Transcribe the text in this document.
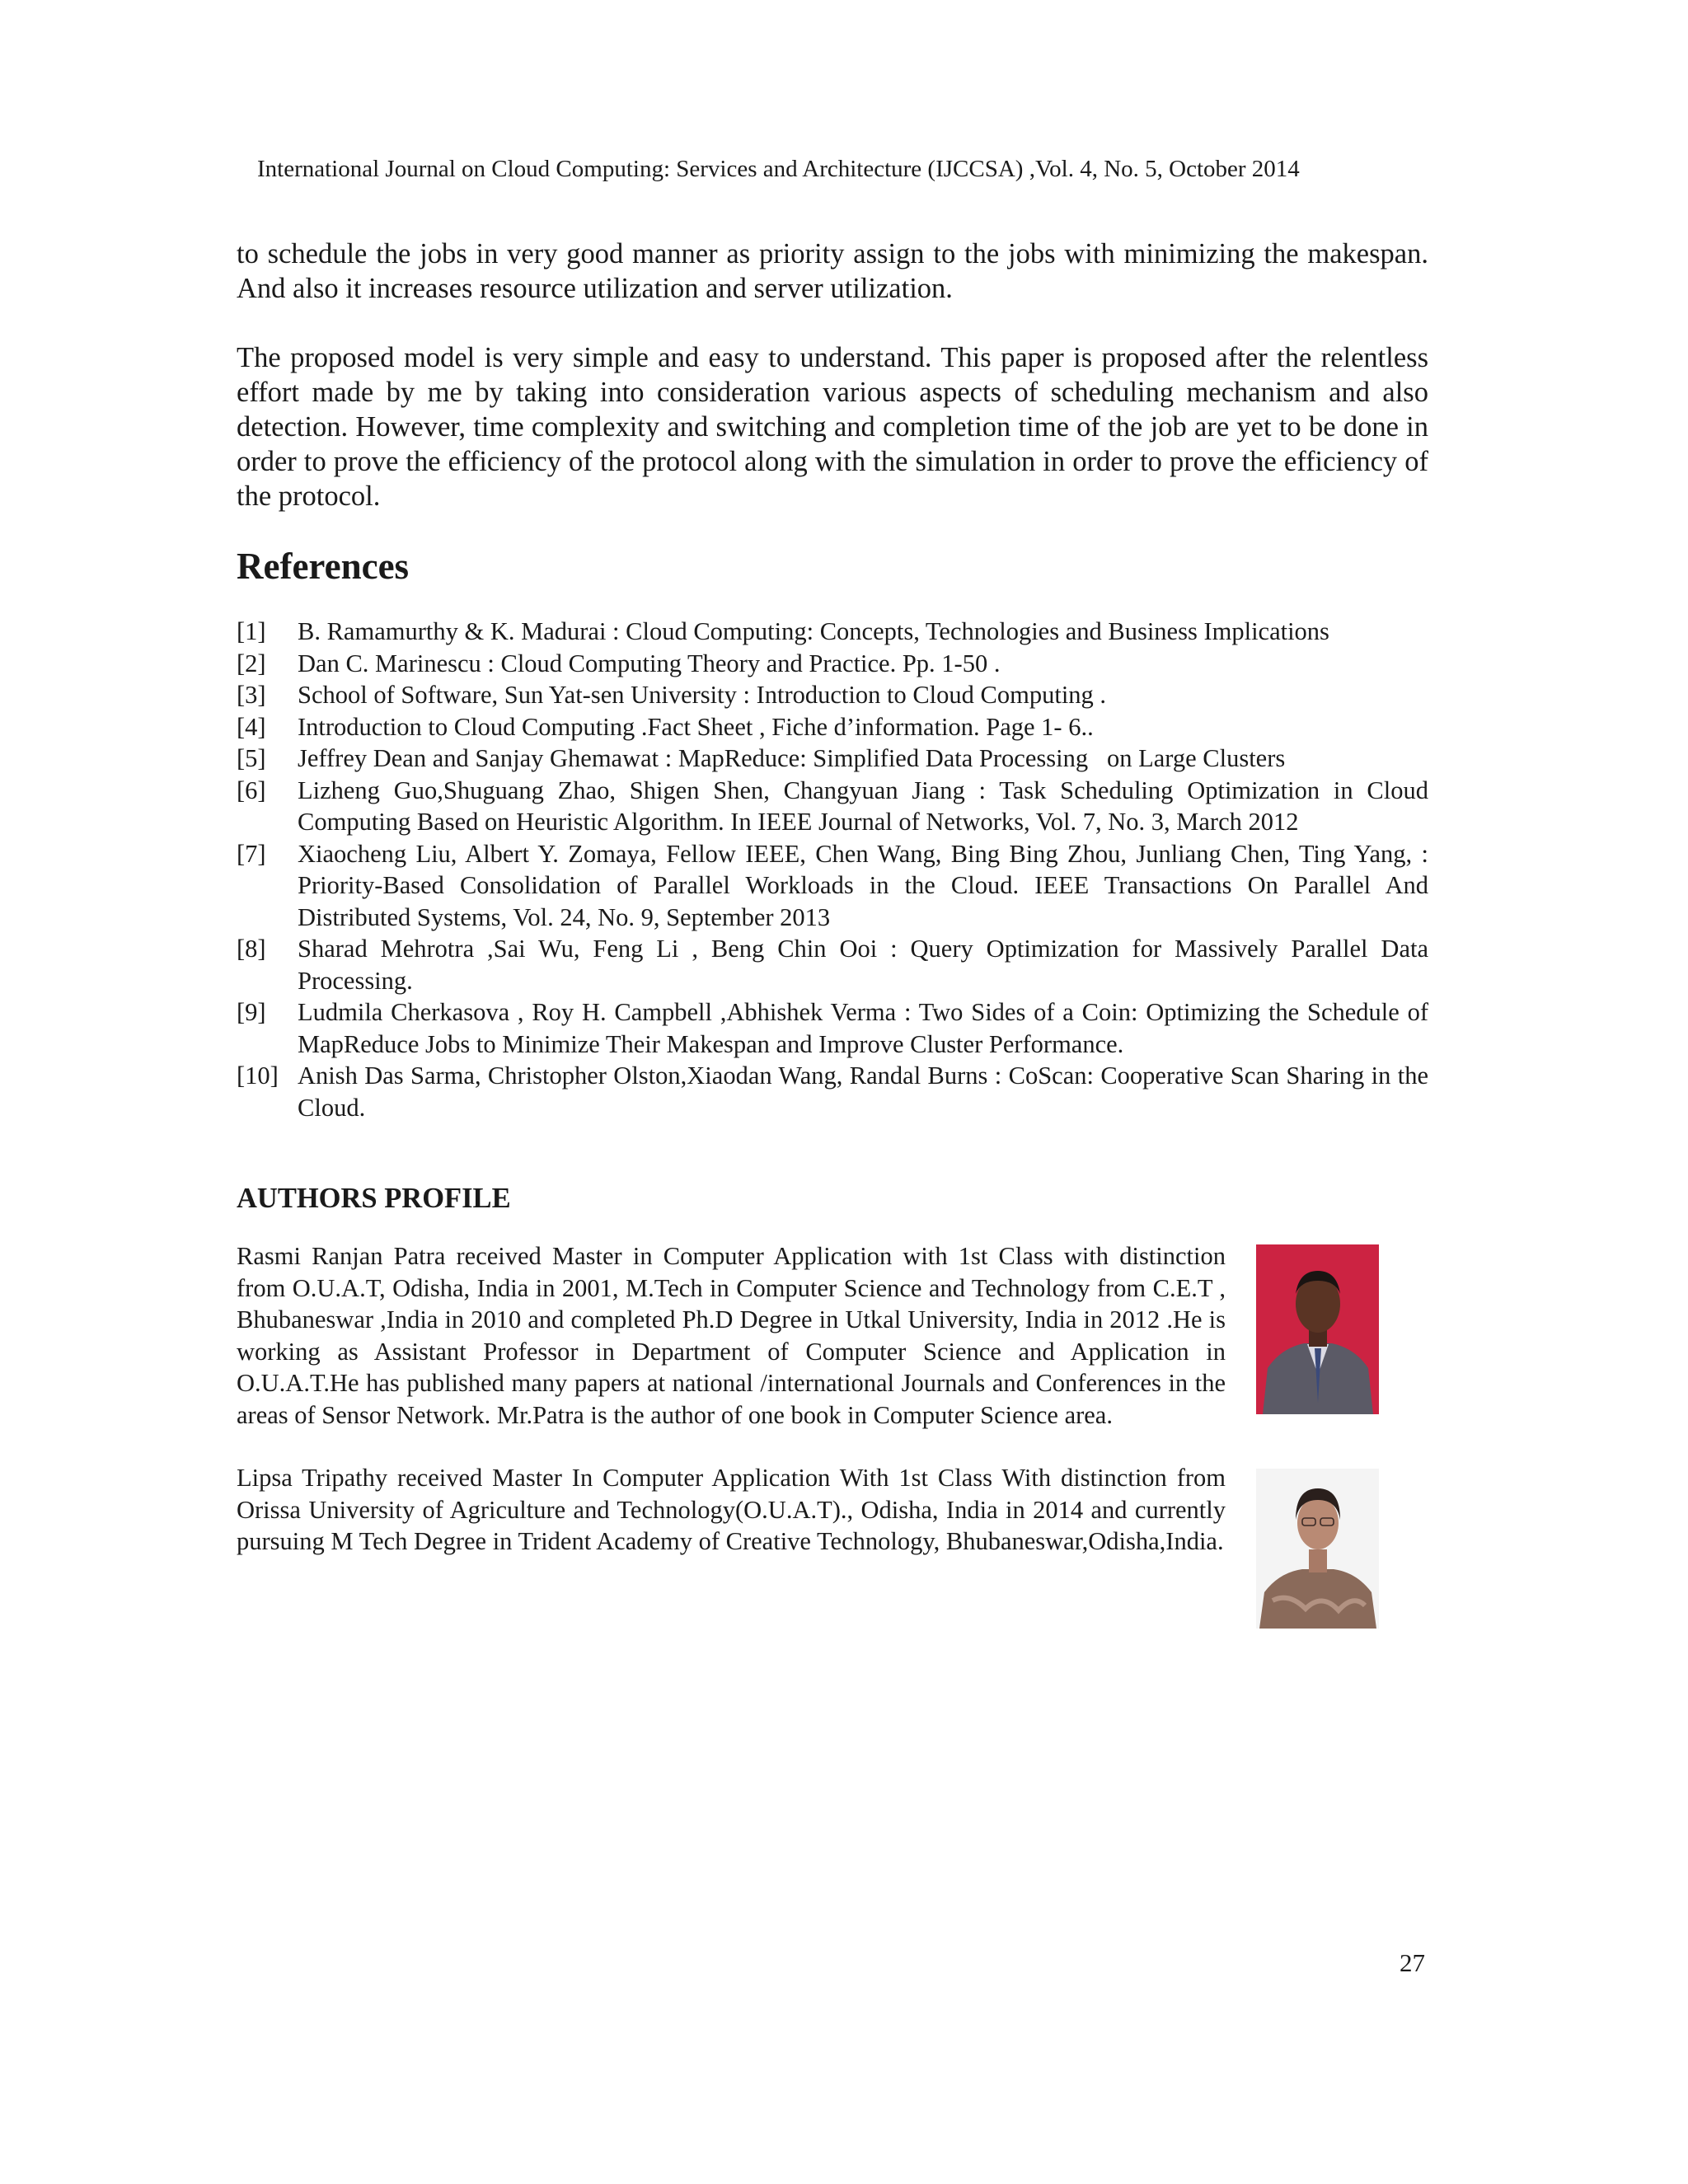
International Journal on Cloud Computing: Services and Architecture (IJCCSA) ,Vol. 4, No. 5, October 2014

to schedule the jobs in very good manner as priority assign to the jobs with minimizing the makespan. And also it increases resource utilization and server utilization.

The proposed model is very simple and easy to understand. This paper is proposed after the relentless effort made by me by taking into consideration various aspects of scheduling mechanism and also detection. However, time complexity and switching and completion time of the job are yet to be done in order to prove the efficiency of the protocol along with the simulation in order to prove the efficiency of the protocol.

References
[1] B. Ramamurthy & K. Madurai : Cloud Computing: Concepts, Technologies and Business Implications
[2] Dan C. Marinescu : Cloud Computing Theory and Practice. Pp. 1-50 .
[3] School of Software, Sun Yat-sen University : Introduction to Cloud Computing .
[4] Introduction to Cloud Computing .Fact Sheet , Fiche d’information. Page 1- 6..
[5] Jeffrey Dean and Sanjay Ghemawat : MapReduce: Simplified Data Processing   on Large Clusters
[6] Lizheng Guo,Shuguang Zhao, Shigen Shen, Changyuan Jiang : Task Scheduling Optimization in Cloud Computing Based on Heuristic Algorithm. In IEEE Journal of Networks, Vol. 7, No. 3, March 2012
[7] Xiaocheng Liu, Albert Y. Zomaya, Fellow IEEE, Chen Wang, Bing Bing Zhou, Junliang Chen, Ting Yang, : Priority-Based Consolidation of Parallel Workloads in the Cloud. IEEE Transactions On Parallel And Distributed Systems, Vol. 24, No. 9, September 2013
[8] Sharad Mehrotra ,Sai Wu, Feng Li , Beng Chin Ooi : Query Optimization for Massively Parallel Data Processing.
[9] Ludmila Cherkasova , Roy H. Campbell ,Abhishek Verma : Two Sides of a Coin: Optimizing the Schedule of MapReduce Jobs to Minimize Their Makespan and Improve Cluster Performance.
[10] Anish Das Sarma, Christopher Olston,Xiaodan Wang, Randal Burns : CoScan: Cooperative Scan Sharing in the Cloud.
AUTHORS PROFILE

Rasmi Ranjan Patra received Master in Computer Application with 1st Class with distinction from O.U.A.T, Odisha, India in 2001, M.Tech in Computer Science and Technology from C.E.T , Bhubaneswar ,India in 2010 and completed Ph.D Degree in Utkal University, India in 2012 .He is working as Assistant Professor in Department of Computer Science and Application in O.U.A.T.He has published many papers at national /international Journals and Conferences in the areas of Sensor Network. Mr.Patra is the author of one book in Computer Science area.

Lipsa Tripathy received Master In Computer Application With 1st Class With distinction from Orissa University of Agriculture and Technology(O.U.A.T)., Odisha, India in 2014 and currently pursuing M Tech Degree in Trident Academy of Creative Technology, Bhubaneswar,Odisha,India.

27
